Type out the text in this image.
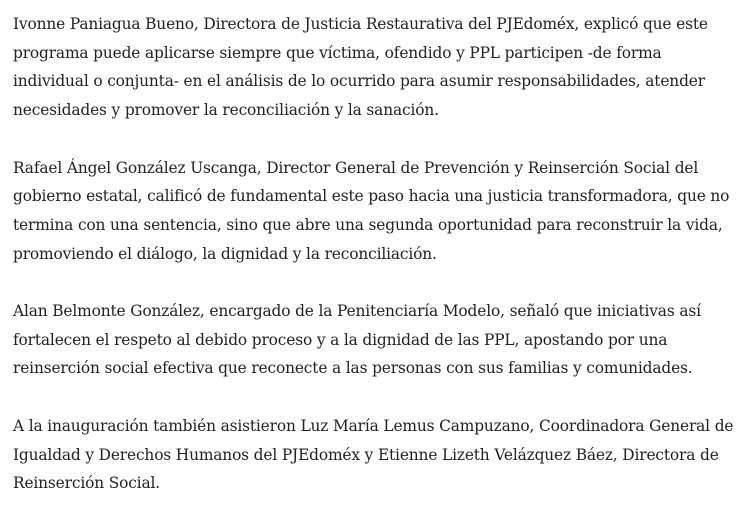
Ivonne Paniagua Bueno, Directora de Justicia Restaurativa del PJEdoméx, explicó que este programa puede aplicarse siempre que víctima, ofendido y PPL participen -de forma individual o conjunta- en el análisis de lo ocurrido para asumir responsabilidades, atender necesidades y promover la reconciliación y la sanación.

Rafael Ángel González Uscanga, Director General de Prevención y Reinserción Social del gobierno estatal, calificó de fundamental este paso hacia una justicia transformadora, que no termina con una sentencia, sino que abre una segunda oportunidad para reconstruir la vida, promoviendo el diálogo, la dignidad y la reconciliación.

Alan Belmonte González, encargado de la Penitenciaría Modelo, señaló que iniciativas así fortalecen el respeto al debido proceso y a la dignidad de las PPL, apostando por una reinserción social efectiva que reconecte a las personas con sus familias y comunidades.

A la inauguración también asistieron Luz María Lemus Campuzano, Coordinadora General de Igualdad y Derechos Humanos del PJEdoméx y Etienne Lizeth Velázquez Báez, Directora de Reinserción Social.
